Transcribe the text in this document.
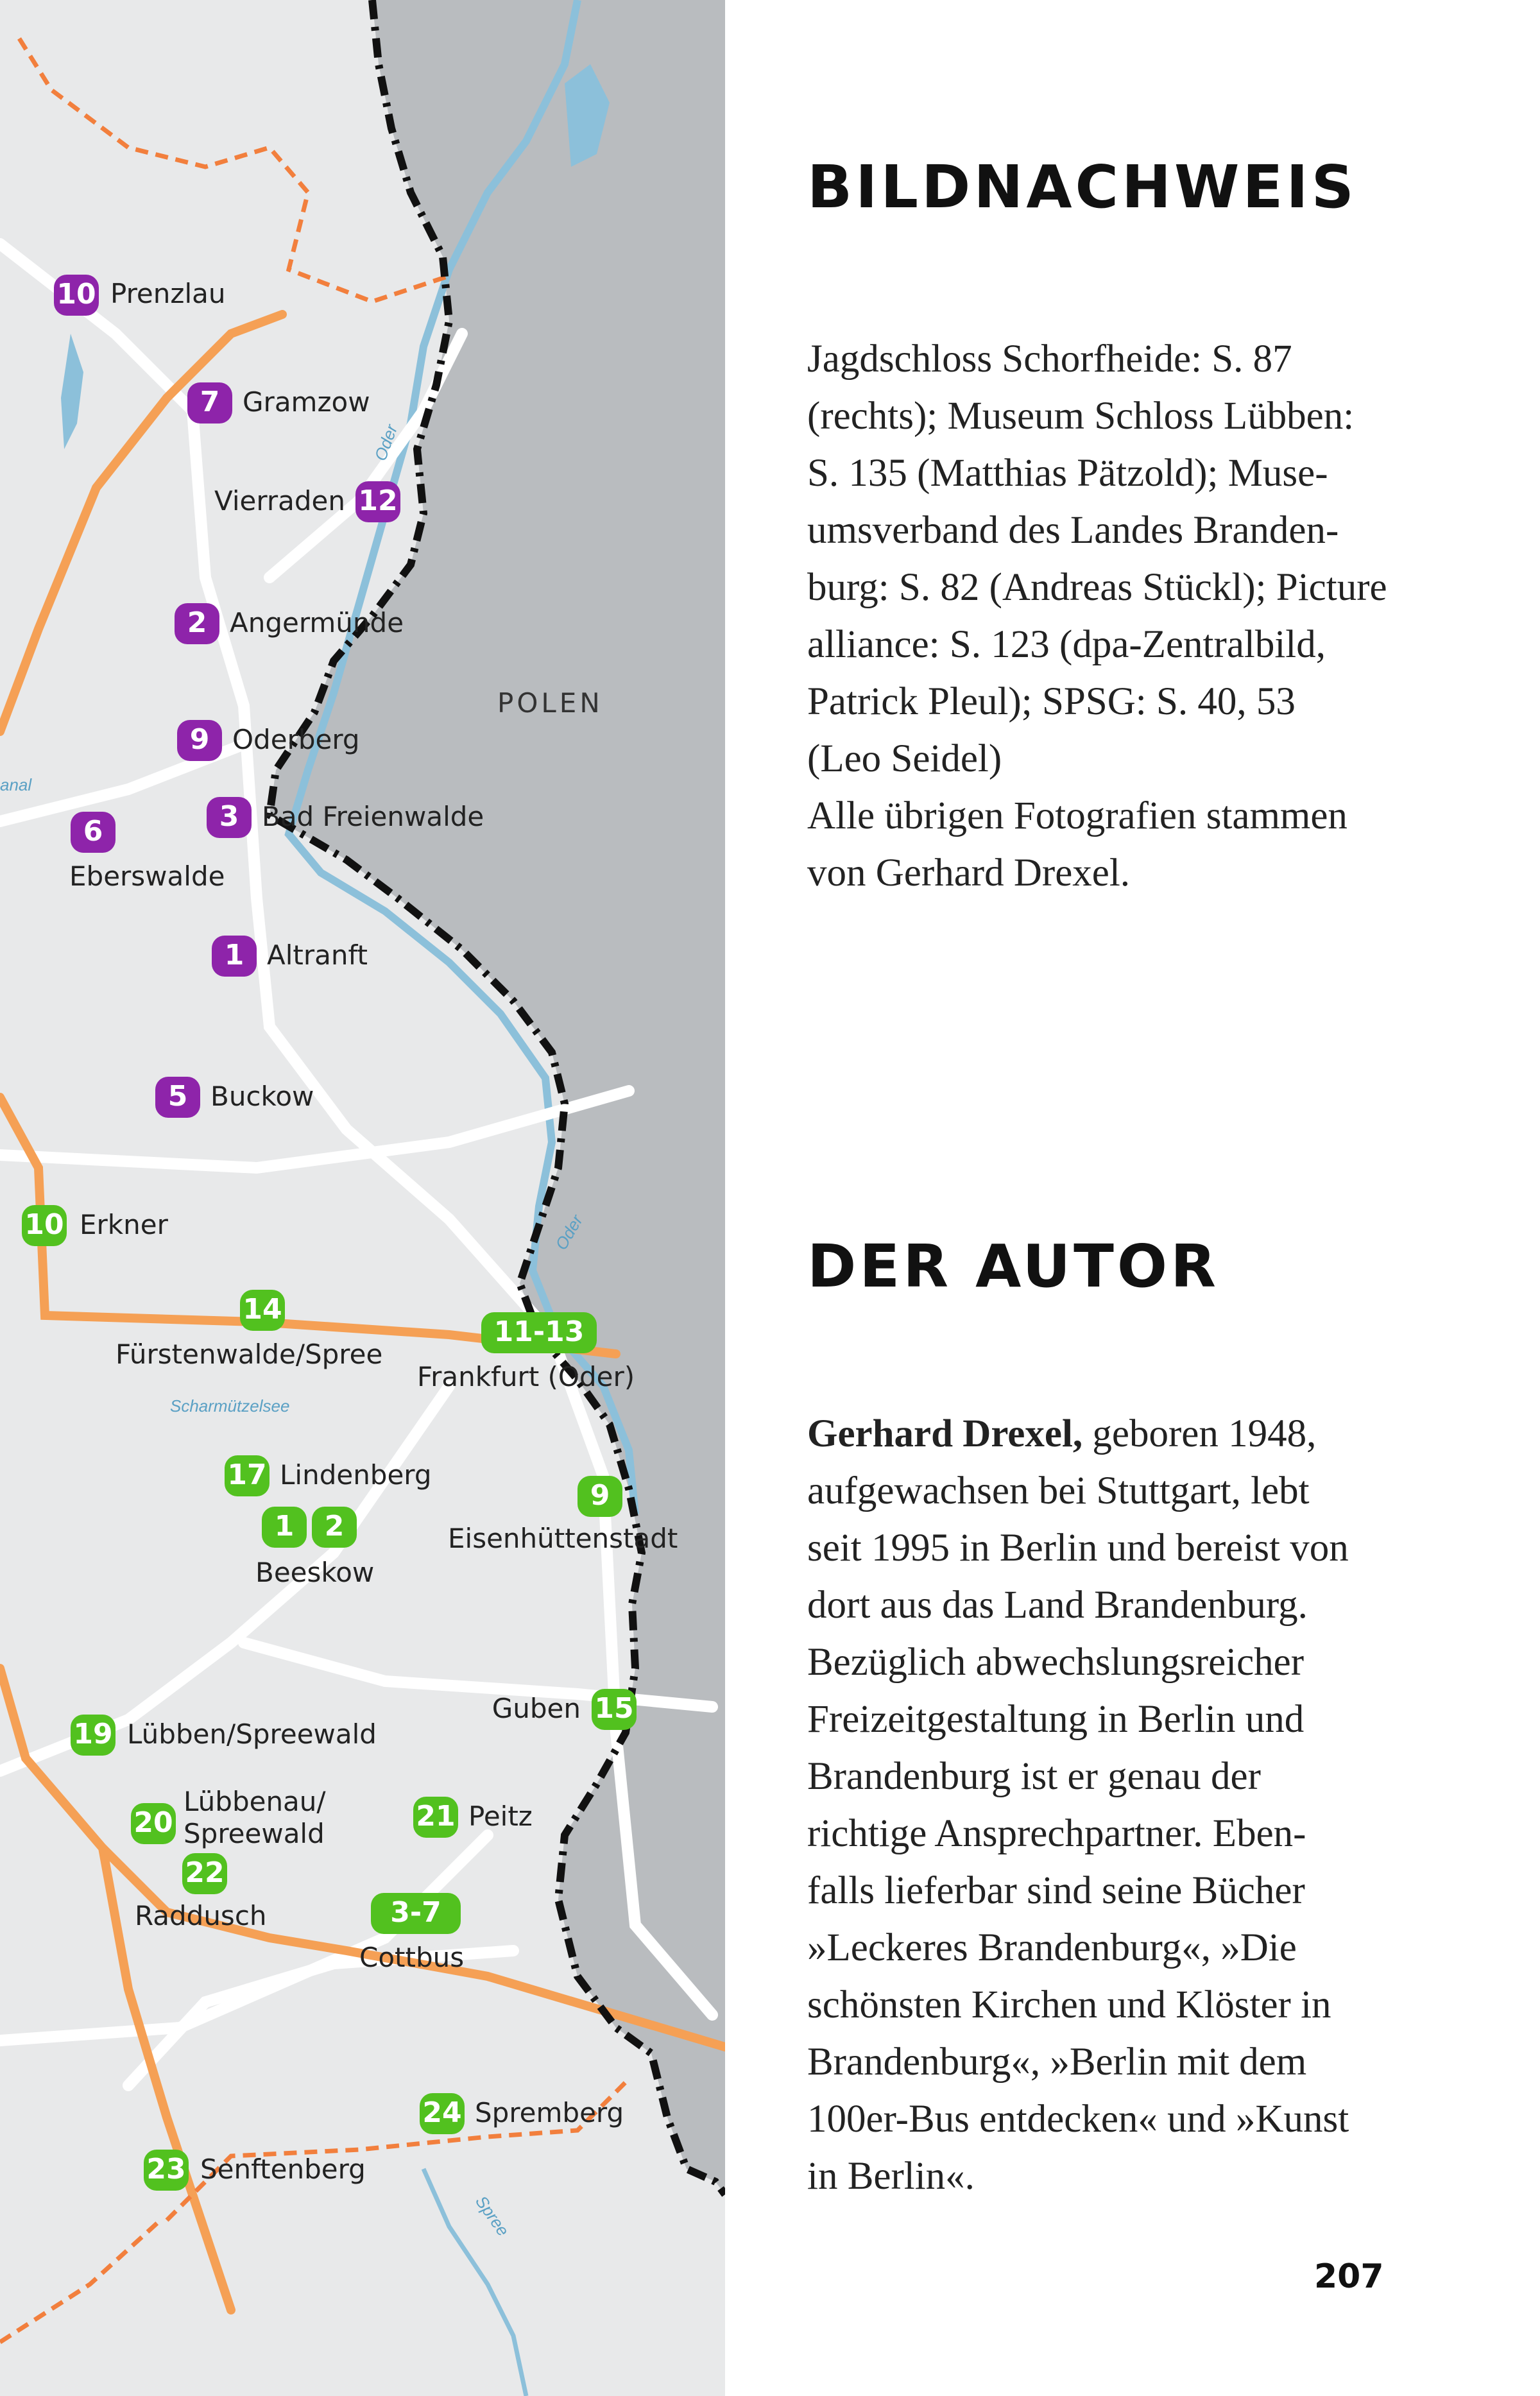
POLEN
Oder
Oder
Spree
Scharmützelsee
anal
10 Prenzlau
7 Gramzow
12
Vierraden
2 Angermünde
9 Oderberg
3 Bad Freienwalde
6
Eberswalde
1 Altranft
5 Buckow
10 Erkner
14
Fürstenwalde/Spree
11-13
Frankfurt (Oder)
17 Lindenberg
1 2
Beeskow
9
Eisenhüttenstadt
15
Guben
19 Lübben/Spreewald
20
Lübbenau/
Spreewald
21 Peitz
22
Raddusch	3-7
Cottbus
24 Spremberg
23 Senftenberg
BILDNACHWEIS
Jagdschloss Schorfheide: S. 87
(rechts); Museum Schloss Lübben:
S. 135 (Matthias Pätzold); Muse-
umsverband des Landes Branden-
burg: S. 82 (Andreas Stückl); Picture
alliance: S. 123 (dpa-Zentralbild,
Patrick Pleul); SPSG: S. 40, 53
(Leo Seidel)
Alle übrigen Fotografien stammen
von Gerhard Drexel.
DER AUTOR
Gerhard Drexel, geboren 1948,
aufgewachsen bei Stuttgart, lebt
seit 1995 in Berlin und bereist von
dort aus das Land Brandenburg.
Bezüglich abwechslungsreicher
Freizeitgestaltung in Berlin und
Brandenburg ist er genau der
richtige Ansprechpartner. Eben-
falls lieferbar sind seine Bücher
»Leckeres Brandenburg«, »Die
schönsten Kirchen und Klöster in
Brandenburg«, »Berlin mit dem
100er-Bus entdecken« und »Kunst
in Berlin«.
207
